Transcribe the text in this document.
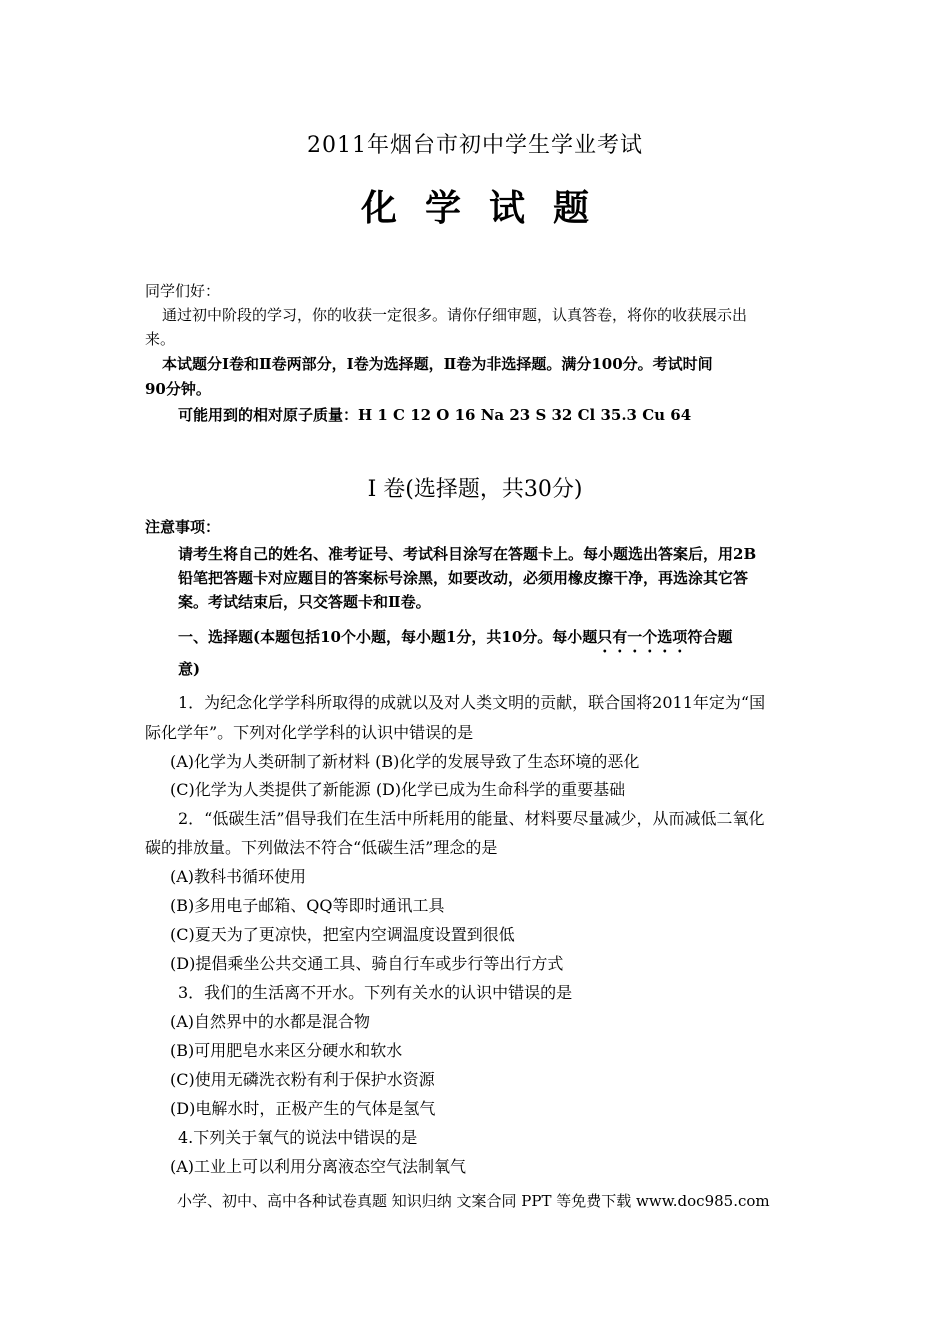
2011年烟台市初中学生学业考试
化学试题
同学们好：
通过初中阶段的学习，你的收获一定很多。请你仔细审题，认真答卷，将你的收获展示出
来。
本试题分Ⅰ卷和Ⅱ卷两部分，Ⅰ卷为选择题，Ⅱ卷为非选择题。满分100分。考试时间
90分钟。
可能用到的相对原子质量：H 1 C 12 O 16 Na 23 S 32 Cl 35.3 Cu 64
Ⅰ 卷(选择题，共30分)
注意事项：
请考生将自己的姓名、准考证号、考试科目涂写在答题卡上。每小题选出答案后，用2B
铅笔把答题卡对应题目的答案标号涂黑，如要改动，必须用橡皮擦干净，再选涂其它答
案。考试结束后，只交答题卡和Ⅱ卷。
一、选择题(本题包括10个小题，每小题1分，共10分。每小题只有一个选项符合题
意)
1．为纪念化学学科所取得的成就以及对人类文明的贡献，联合国将2011年定为“国
际化学年”。下列对化学学科的认识中错误的是
(A)化学为人类研制了新材料 (B)化学的发展导致了生态环境的恶化
(C)化学为人类提供了新能源 (D)化学已成为生命科学的重要基础
2．“低碳生活”倡导我们在生活中所耗用的能量、材料要尽量减少，从而减低二氧化
碳的排放量。下列做法不符合“低碳生活”理念的是
(A)教科书循环使用
(B)多用电子邮箱、QQ等即时通讯工具
(C)夏天为了更凉快，把室内空调温度设置到很低
(D)提倡乘坐公共交通工具、骑自行车或步行等出行方式
3．我们的生活离不开水。下列有关水的认识中错误的是
(A)自然界中的水都是混合物
(B)可用肥皂水来区分硬水和软水
(C)使用无磷洗衣粉有利于保护水资源
(D)电解水时，正极产生的气体是氢气
4.下列关于氧气的说法中错误的是
(A)工业上可以利用分离液态空气法制氧气
小学、初中、高中各种试卷真题 知识归纳 文案合同 PPT 等免费下载 www.doc985.com
